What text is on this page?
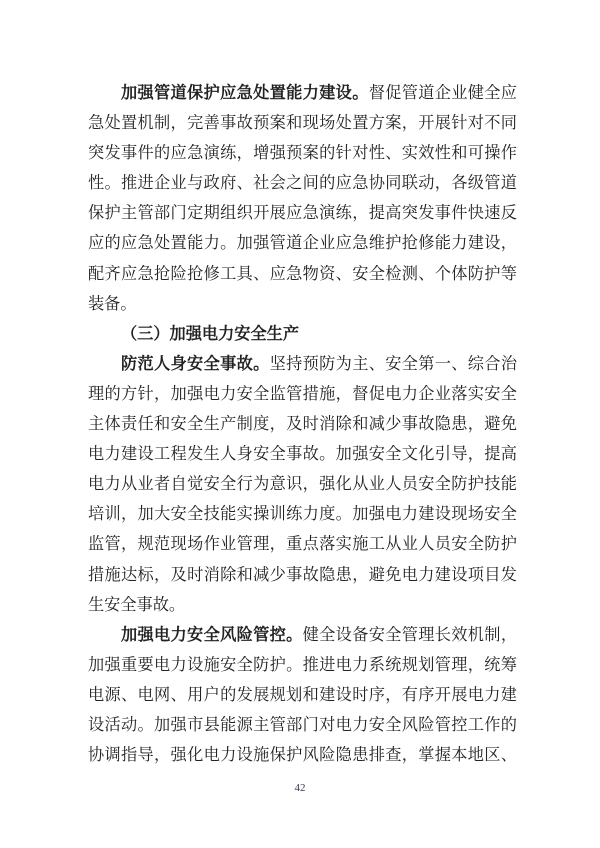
加强管道保护应急处置能力建设。督促管道企业健全应
急处置机制，完善事故预案和现场处置方案，开展针对不同
突发事件的应急演练，增强预案的针对性、实效性和可操作
性。推进企业与政府、社会之间的应急协同联动，各级管道
保护主管部门定期组织开展应急演练，提高突发事件快速反
应的应急处置能力。加强管道企业应急维护抢修能力建设，
配齐应急抢险抢修工具、应急物资、安全检测、个体防护等
装备。
（三）加强电力安全生产
防范人身安全事故。坚持预防为主、安全第一、综合治
理的方针，加强电力安全监管措施，督促电力企业落实安全
主体责任和安全生产制度，及时消除和减少事故隐患，避免
电力建设工程发生人身安全事故。加强安全文化引导，提高
电力从业者自觉安全行为意识，强化从业人员安全防护技能
培训，加大安全技能实操训练力度。加强电力建设现场安全
监管，规范现场作业管理，重点落实施工从业人员安全防护
措施达标，及时消除和减少事故隐患，避免电力建设项目发
生安全事故。
加强电力安全风险管控。健全设备安全管理长效机制，
加强重要电力设施安全防护。推进电力系统规划管理，统筹
电源、电网、用户的发展规划和建设时序，有序开展电力建
设活动。加强市县能源主管部门对电力安全风险管控工作的
协调指导，强化电力设施保护风险隐患排查，掌握本地区、
42
